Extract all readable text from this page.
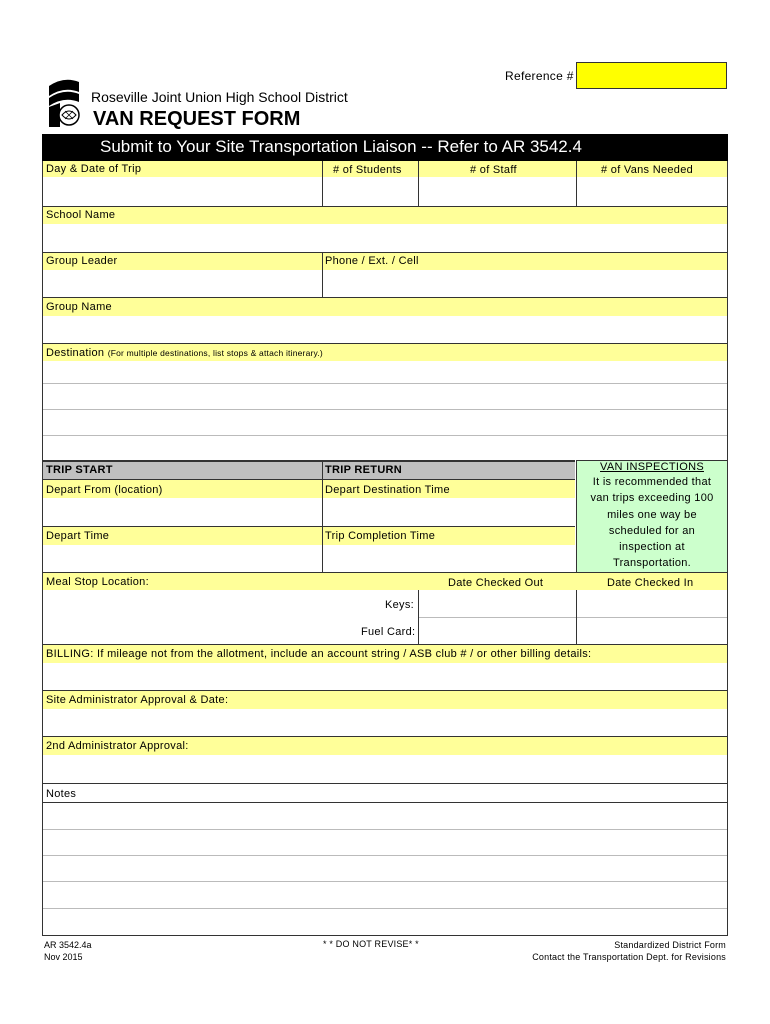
Reference #
Roseville Joint Union High School District
VAN REQUEST FORM
Submit to Your Site Transportation Liaison -- Refer to AR 3542.4
Day & Date of Trip	# of Students	# of Staff	# of Vans Needed
School Name
Group Leader	Phone / Ext. / Cell
Group Name
Destination (For multiple destinations, list stops & attach itinerary.)
TRIP START	TRIP RETURN
Depart From (location)	Depart Destination Time
Depart Time	Trip Completion Time
VAN INSPECTIONS
It is recommended that
van trips exceeding 100
miles one way be
scheduled for an
inspection at
Transportation.
Meal Stop Location:	Date Checked Out	Date Checked In
Keys:
Fuel Card:
BILLING: If mileage not from the allotment, include an account string / ASB club # / or other billing details:
Site Administrator Approval & Date:
2nd Administrator Approval:
Notes
AR 3542.4a
Nov 2015
* * DO NOT REVISE* *	Standardized District Form
Contact the Transportation Dept. for Revisions
